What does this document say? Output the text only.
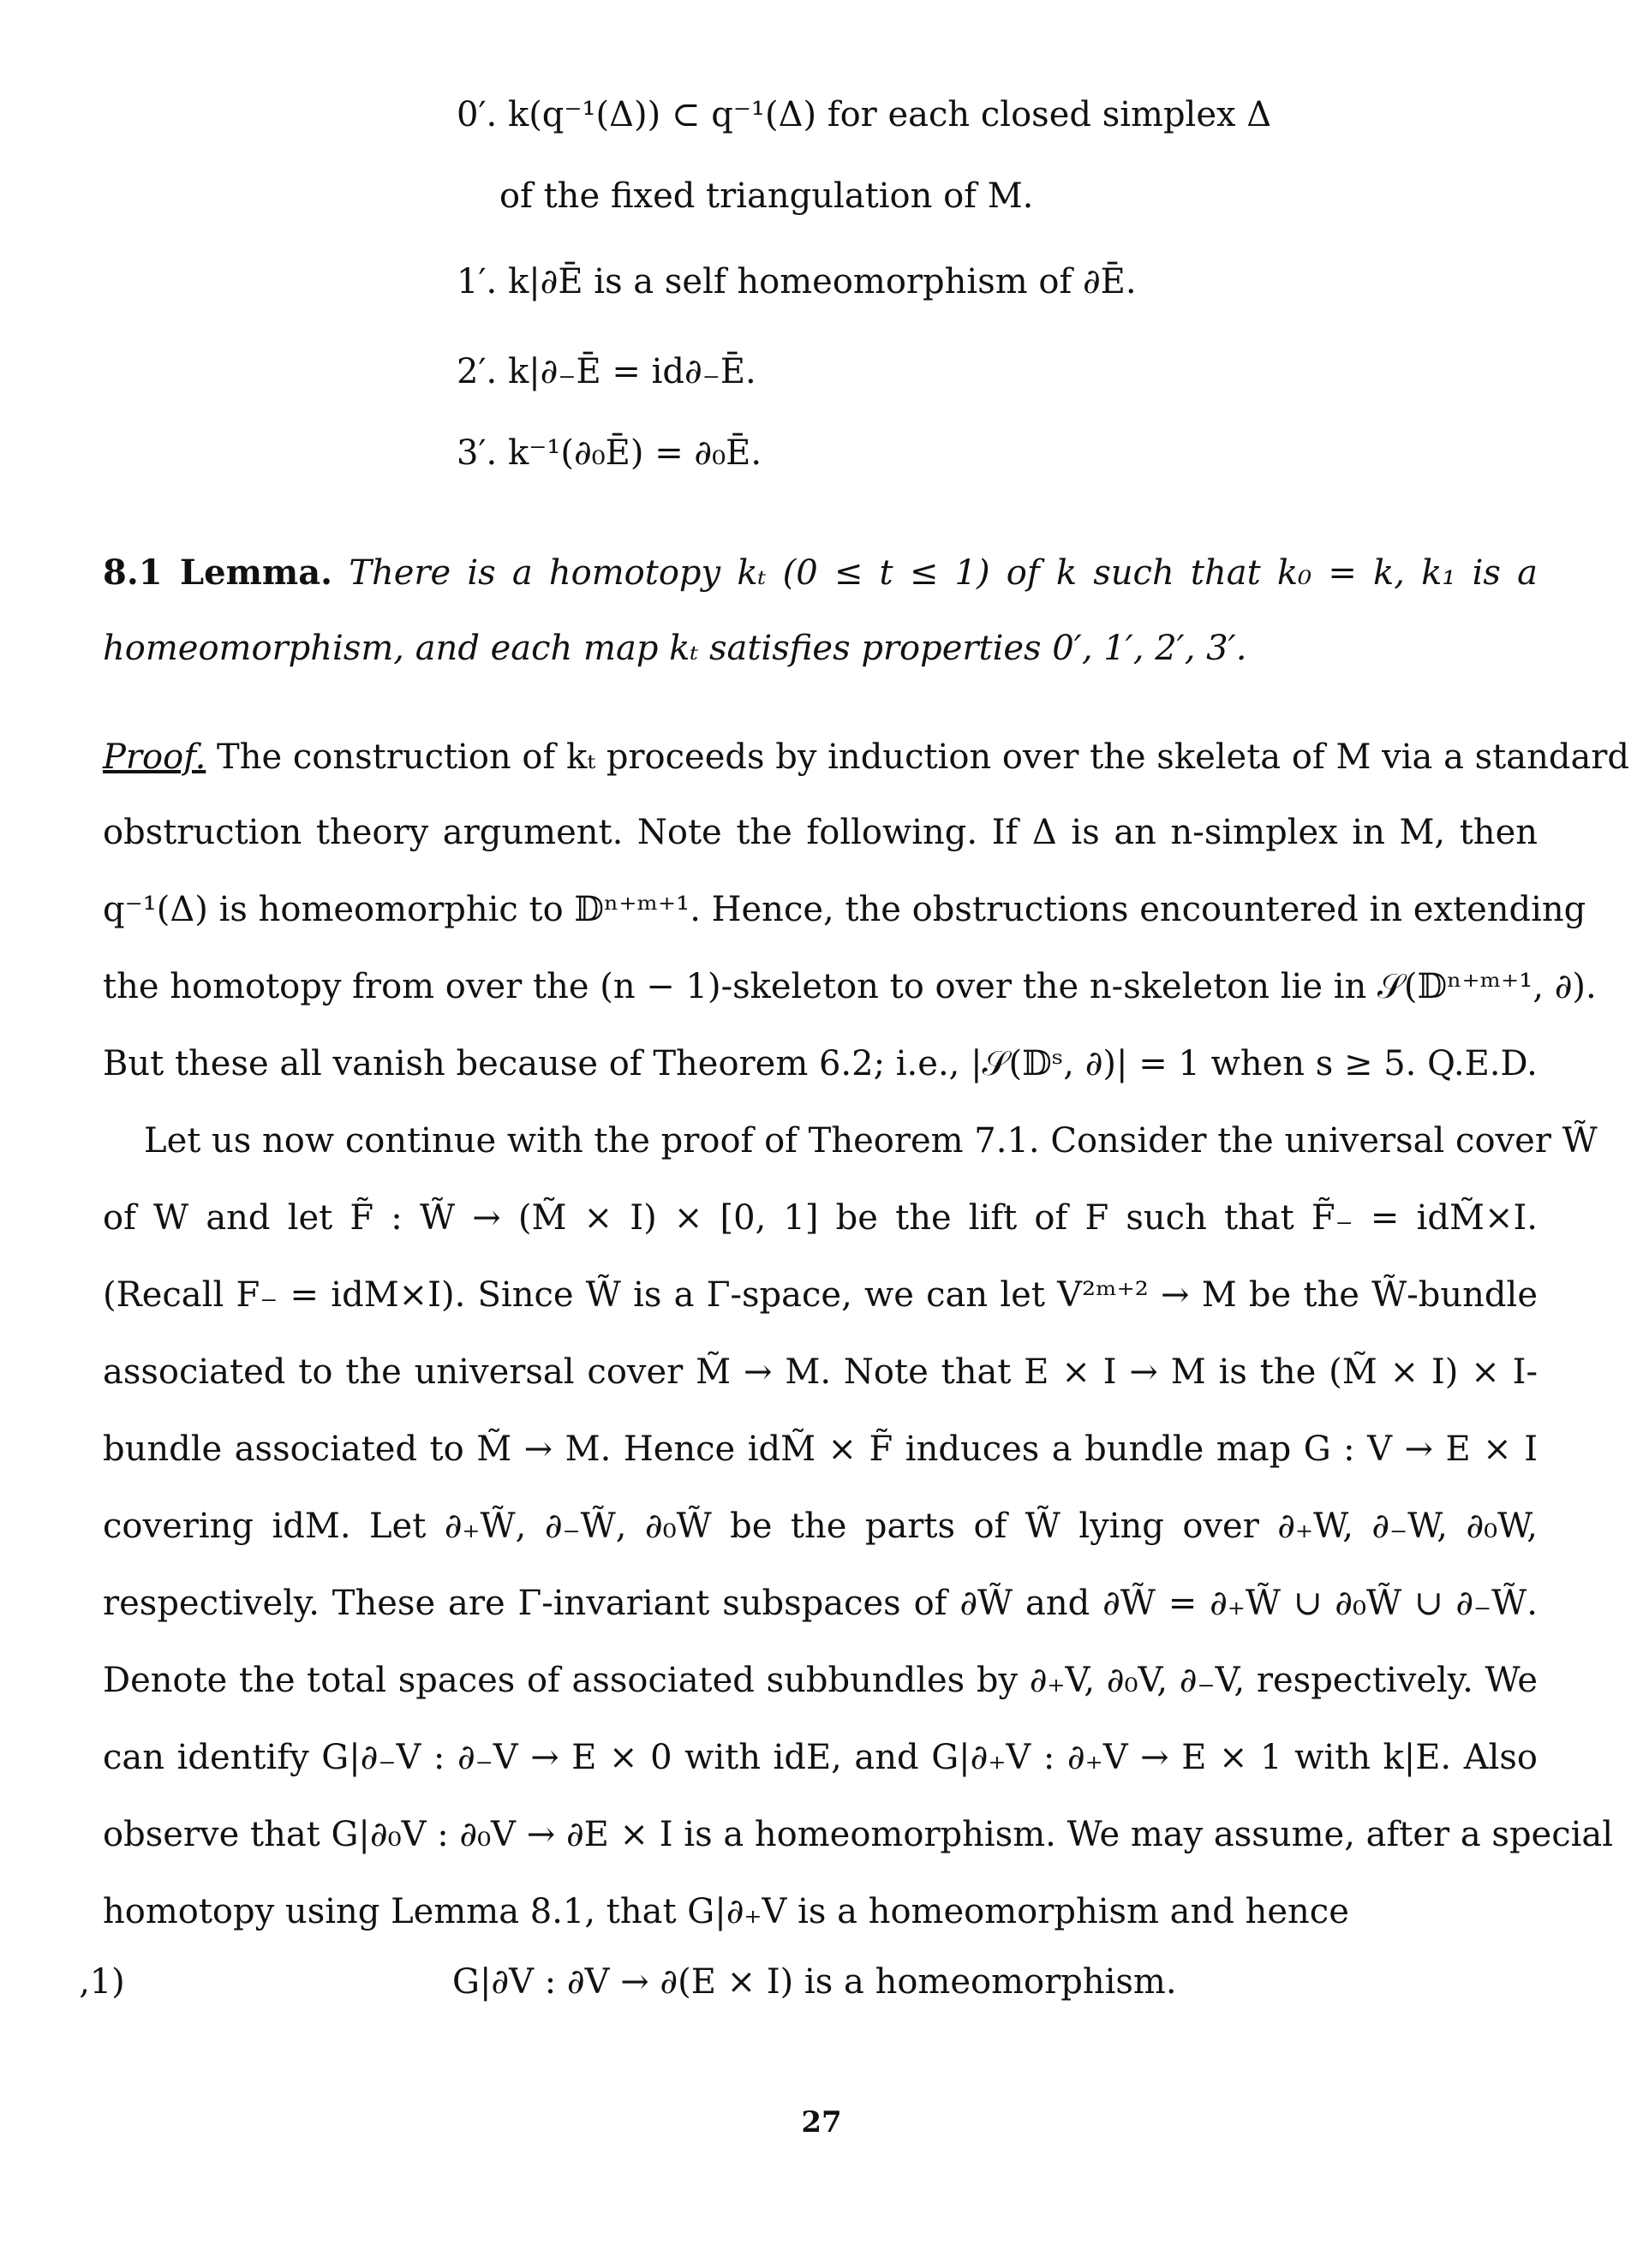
0′. k(q⁻¹(Δ)) ⊂ q⁻¹(Δ) for each closed simplex Δ
of the fixed triangulation of M.
1′. k|∂Ē is a self homeomorphism of ∂Ē.
2′. k|∂₋Ē = id∂₋Ē.
3′. k⁻¹(∂₀Ē) = ∂₀Ē.
8.1 Lemma. There is a homotopy kₜ (0 ≤ t ≤ 1) of k such that k₀ = k, k₁ is a
homeomorphism, and each map kₜ satisfies properties 0′, 1′, 2′, 3′.
Proof. The construction of kₜ proceeds by induction over the skeleta of M via a standard
obstruction theory argument. Note the following. If Δ is an n-simplex in M, then
q⁻¹(Δ) is homeomorphic to 𝔻ⁿ⁺ᵐ⁺¹. Hence, the obstructions encountered in extending
the homotopy from over the (n − 1)-skeleton to over the n-skeleton lie in 𝒮(𝔻ⁿ⁺ᵐ⁺¹, ∂).
But these all vanish because of Theorem 6.2; i.e., |𝒮(𝔻ˢ, ∂)| = 1 when s ≥ 5. Q.E.D.
Let us now continue with the proof of Theorem 7.1. Consider the universal cover W̃
of W and let F̃ : W̃ → (M̃ × I) × [0, 1] be the lift of F such that F̃₋ = idM̃×I.
(Recall F₋ = idM×I). Since W̃ is a Γ-space, we can let V²ᵐ⁺² → M be the W̃-bundle
associated to the universal cover M̃ → M. Note that E × I → M is the (M̃ × I) × I-
bundle associated to M̃ → M. Hence idM̃ × F̃ induces a bundle map G : V → E × I
covering idM. Let ∂₊W̃, ∂₋W̃, ∂₀W̃ be the parts of W̃ lying over ∂₊W, ∂₋W, ∂₀W,
respectively. These are Γ-invariant subspaces of ∂W̃ and ∂W̃ = ∂₊W̃ ∪ ∂₀W̃ ∪ ∂₋W̃.
Denote the total spaces of associated subbundles by ∂₊V, ∂₀V, ∂₋V, respectively. We
can identify G|∂₋V : ∂₋V → E × 0 with idE, and G|∂₊V : ∂₊V → E × 1 with k|E. Also
observe that G|∂₀V : ∂₀V → ∂E × I is a homeomorphism. We may assume, after a special
homotopy using Lemma 8.1, that G|∂₊V is a homeomorphism and hence
‚1)	G|∂V : ∂V → ∂(E × I) is a homeomorphism.
27
